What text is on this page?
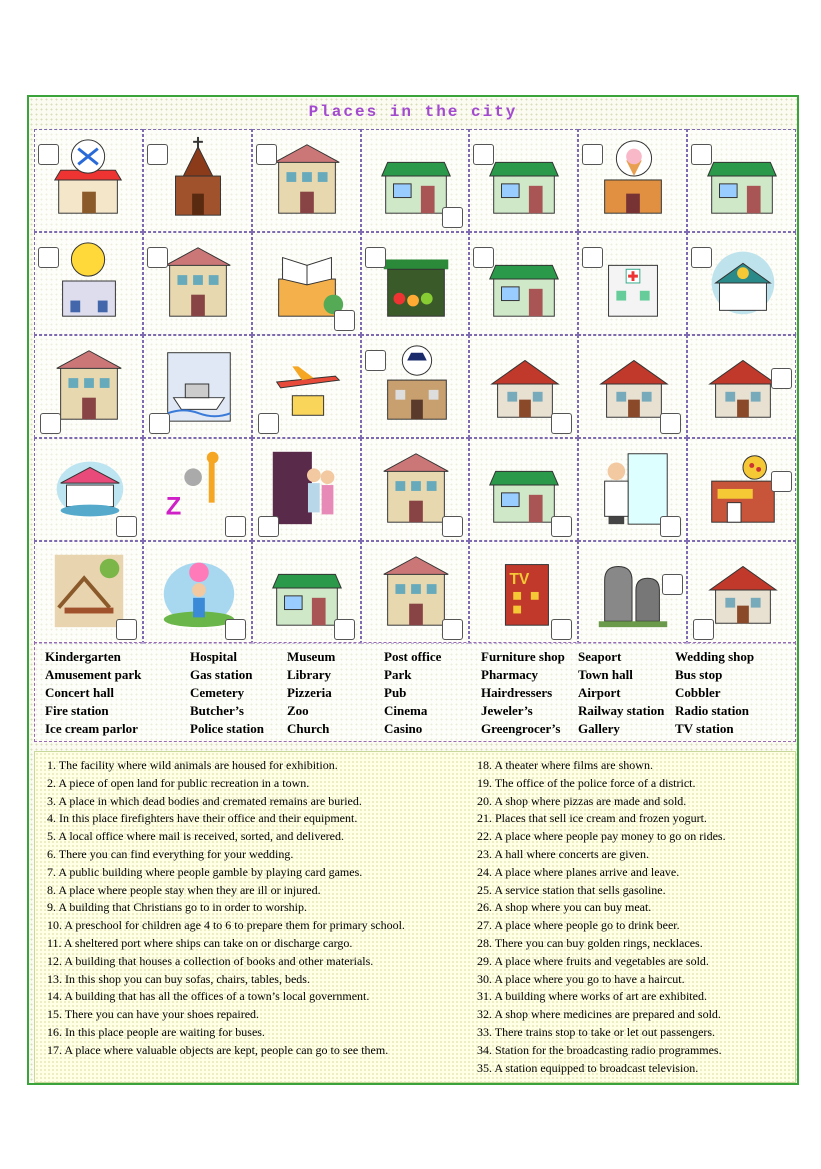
Places in the city
Z
TV
Kindergarten
Amusement park
Concert hall
Fire station
Ice cream parlor
Hospital
Gas station
Cemetery
Butcher’s
Police station
Museum
Library
Pizzeria
Zoo
Church
Post office
Park
Pub
Cinema
Casino
Furniture shop
Pharmacy
Hairdressers
Jeweler’s
Greengrocer’s
Seaport
Town hall
Airport
Railway station
Gallery
Wedding shop
Bus stop
Cobbler
Radio station
TV station
1. The facility where wild animals are housed for exhibition.
2. A piece of open land for public recreation in a town.
3. A place in which dead bodies and cremated remains are buried.
4. In this place firefighters have their office and their equipment.
5. A local office where mail is received, sorted, and delivered.
6. There you can find everything for your wedding.
7. A public building where people gamble by playing card games.
8. A place where people stay when they are ill or injured.
9. A building that Christians go to in order to worship.
10. A preschool for children age 4 to 6 to prepare them for primary school.
11. A sheltered port where ships can take on or discharge cargo.
12. A building that houses a collection of books and other materials.
13. In this shop you can buy sofas, chairs, tables, beds.
14. A building that has all the offices of a town’s local government.
15. There you can have your shoes repaired.
16. In this place people are waiting for buses.
17. A place where valuable objects are kept, people can go to see them.
18. A theater where films are shown.
19. The office of the police force of a district.
20. A shop where pizzas are made and sold.
21. Places that sell ice cream and frozen yogurt.
22. A place where people pay money to go on rides.
23. A hall where concerts are given.
24. A place where planes arrive and leave.
25. A service station that sells gasoline.
26. A shop where you can buy meat.
27. A place where people go to drink beer.
28. There you can buy golden rings, necklaces.
29. A place where fruits and vegetables are sold.
30. A place where you go to have a haircut.
31. A building where works of art are exhibited.
32. A shop where medicines are prepared and sold.
33. There trains stop to take or let out passengers.
34. Station for the broadcasting radio programmes.
35. A station equipped to broadcast television.
